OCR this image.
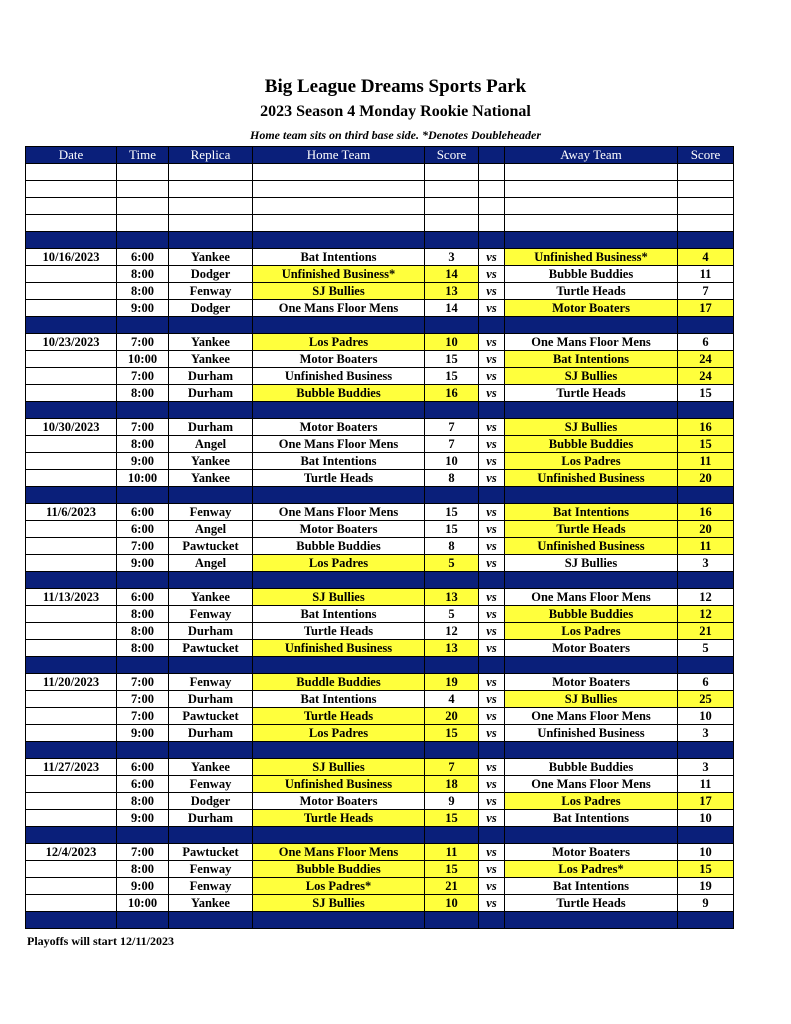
Big League Dreams Sports Park
2023 Season 4 Monday Rookie National
Home team sits on third base side. *Denotes Doubleheader
Date	Time	Replica	Home Team	Score		Away Team	Score

10/16/2023	6:00	Yankee	Bat Intentions	3	vs	Unfinished Business*	4
	8:00	Dodger	Unfinished Business*	14	vs	Bubble Buddies	11
	8:00	Fenway	SJ Bullies	13	vs	Turtle Heads	7
	9:00	Dodger	One Mans Floor Mens	14	vs	Motor Boaters	17

10/23/2023	7:00	Yankee	Los Padres	10	vs	One Mans Floor Mens	6
	10:00	Yankee	Motor Boaters	15	vs	Bat Intentions	24
	7:00	Durham	Unfinished Business	15	vs	SJ Bullies	24
	8:00	Durham	Bubble Buddies	16	vs	Turtle Heads	15

10/30/2023	7:00	Durham	Motor Boaters	7	vs	SJ Bullies	16
	8:00	Angel	One Mans Floor Mens	7	vs	Bubble Buddies	15
	9:00	Yankee	Bat Intentions	10	vs	Los Padres	11
	10:00	Yankee	Turtle Heads	8	vs	Unfinished Business	20

11/6/2023	6:00	Fenway	One Mans Floor Mens	15	vs	Bat Intentions	16
	6:00	Angel	Motor Boaters	15	vs	Turtle Heads	20
	7:00	Pawtucket	Bubble Buddies	8	vs	Unfinished Business	11
	9:00	Angel	Los Padres	5	vs	SJ Bullies	3

11/13/2023	6:00	Yankee	SJ Bullies	13	vs	One Mans Floor Mens	12
	8:00	Fenway	Bat Intentions	5	vs	Bubble Buddies	12
	8:00	Durham	Turtle Heads	12	vs	Los Padres	21
	8:00	Pawtucket	Unfinished Business	13	vs	Motor Boaters	5

11/20/2023	7:00	Fenway	Buddle Buddies	19	vs	Motor Boaters	6
	7:00	Durham	Bat Intentions	4	vs	SJ Bullies	25
	7:00	Pawtucket	Turtle Heads	20	vs	One Mans Floor Mens	10
	9:00	Durham	Los Padres	15	vs	Unfinished Business	3

11/27/2023	6:00	Yankee	SJ Bullies	7	vs	Bubble Buddies	3
	6:00	Fenway	Unfinished Business	18	vs	One Mans Floor Mens	11
	8:00	Dodger	Motor Boaters	9	vs	Los Padres	17
	9:00	Durham	Turtle Heads	15	vs	Bat Intentions	10

12/4/2023	7:00	Pawtucket	One Mans Floor Mens	11	vs	Motor Boaters	10
	8:00	Fenway	Bubble Buddies	15	vs	Los Padres*	15
	9:00	Fenway	Los Padres*	21	vs	Bat Intentions	19
	10:00	Yankee	SJ Bullies	10	vs	Turtle Heads	9

Playoffs will start 12/11/2023
